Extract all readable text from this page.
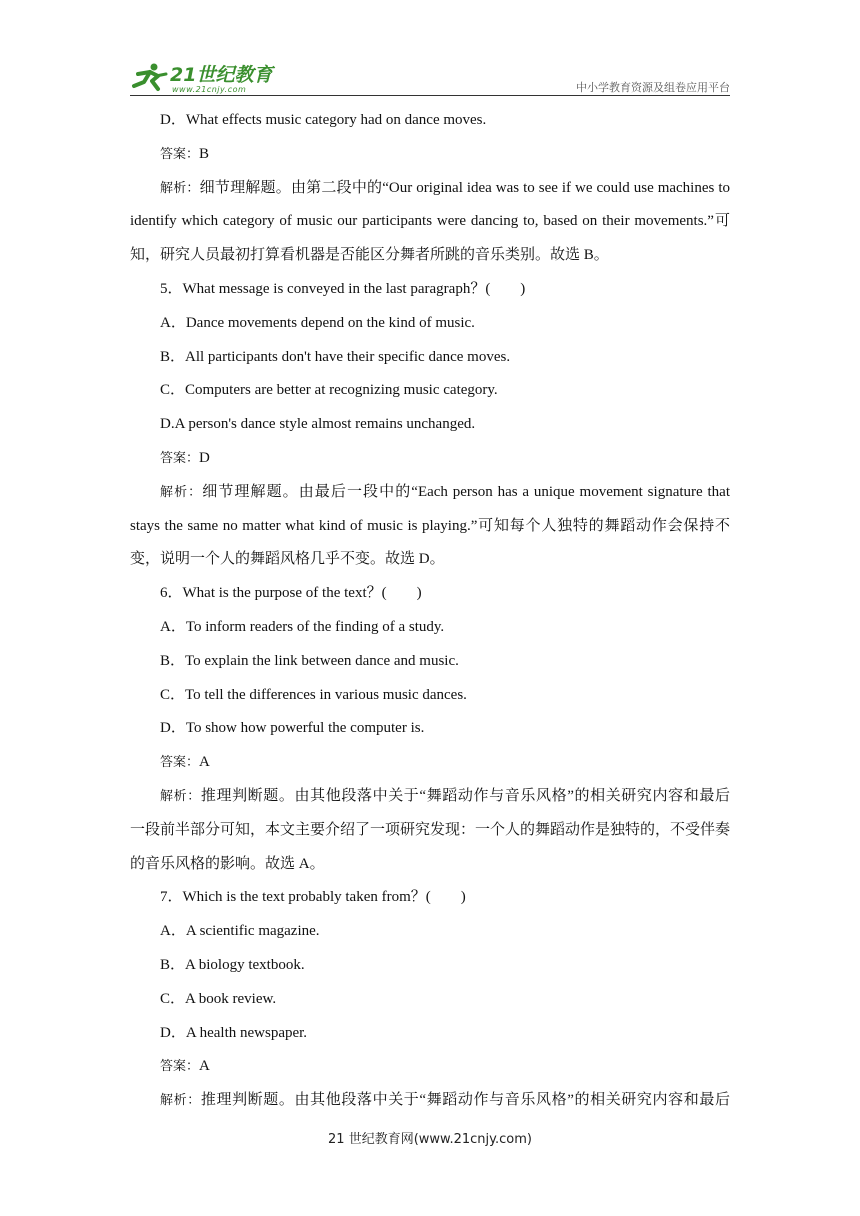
21世纪教育
www.21cnjy.com	中小学教育资源及组卷应用平台
D．What effects music category had on dance moves.
答案：B
解析：细节理解题。由第二段中的“Our original idea was to see if we could use machines to
identify which category of music our participants were dancing to, based on their movements.”可
知，研究人员最初打算看机器是否能区分舞者所跳的音乐类别。故选 B。
5．What message is conveyed in the last paragraph？(　　)
A．Dance movements depend on the kind of music.
B．All participants don't have their specific dance moves.
C．Computers are better at recognizing music category.
D.A person's dance style almost remains unchanged.
答案：D
解析：细节理解题。由最后一段中的“Each person has a unique movement signature that
stays the same no matter what kind of music is playing.”可知每个人独特的舞蹈动作会保持不
变，说明一个人的舞蹈风格几乎不变。故选 D。
6．What is the purpose of the text？(　　)
A．To inform readers of the finding of a study.
B．To explain the link between dance and music.
C．To tell the differences in various music dances.
D．To show how powerful the computer is.
答案：A
解析：推理判断题。由其他段落中关于“舞蹈动作与音乐风格”的相关研究内容和最后
一段前半部分可知，本文主要介绍了一项研究发现：一个人的舞蹈动作是独特的，不受伴奏
的音乐风格的影响。故选 A。
7．Which is the text probably taken from？(　　)
A．A scientific magazine.
B．A biology textbook.
C．A book review.
D．A health newspaper.
答案：A
解析：推理判断题。由其他段落中关于“舞蹈动作与音乐风格”的相关研究内容和最后
21 世纪教育网(www.21cnjy.com)
